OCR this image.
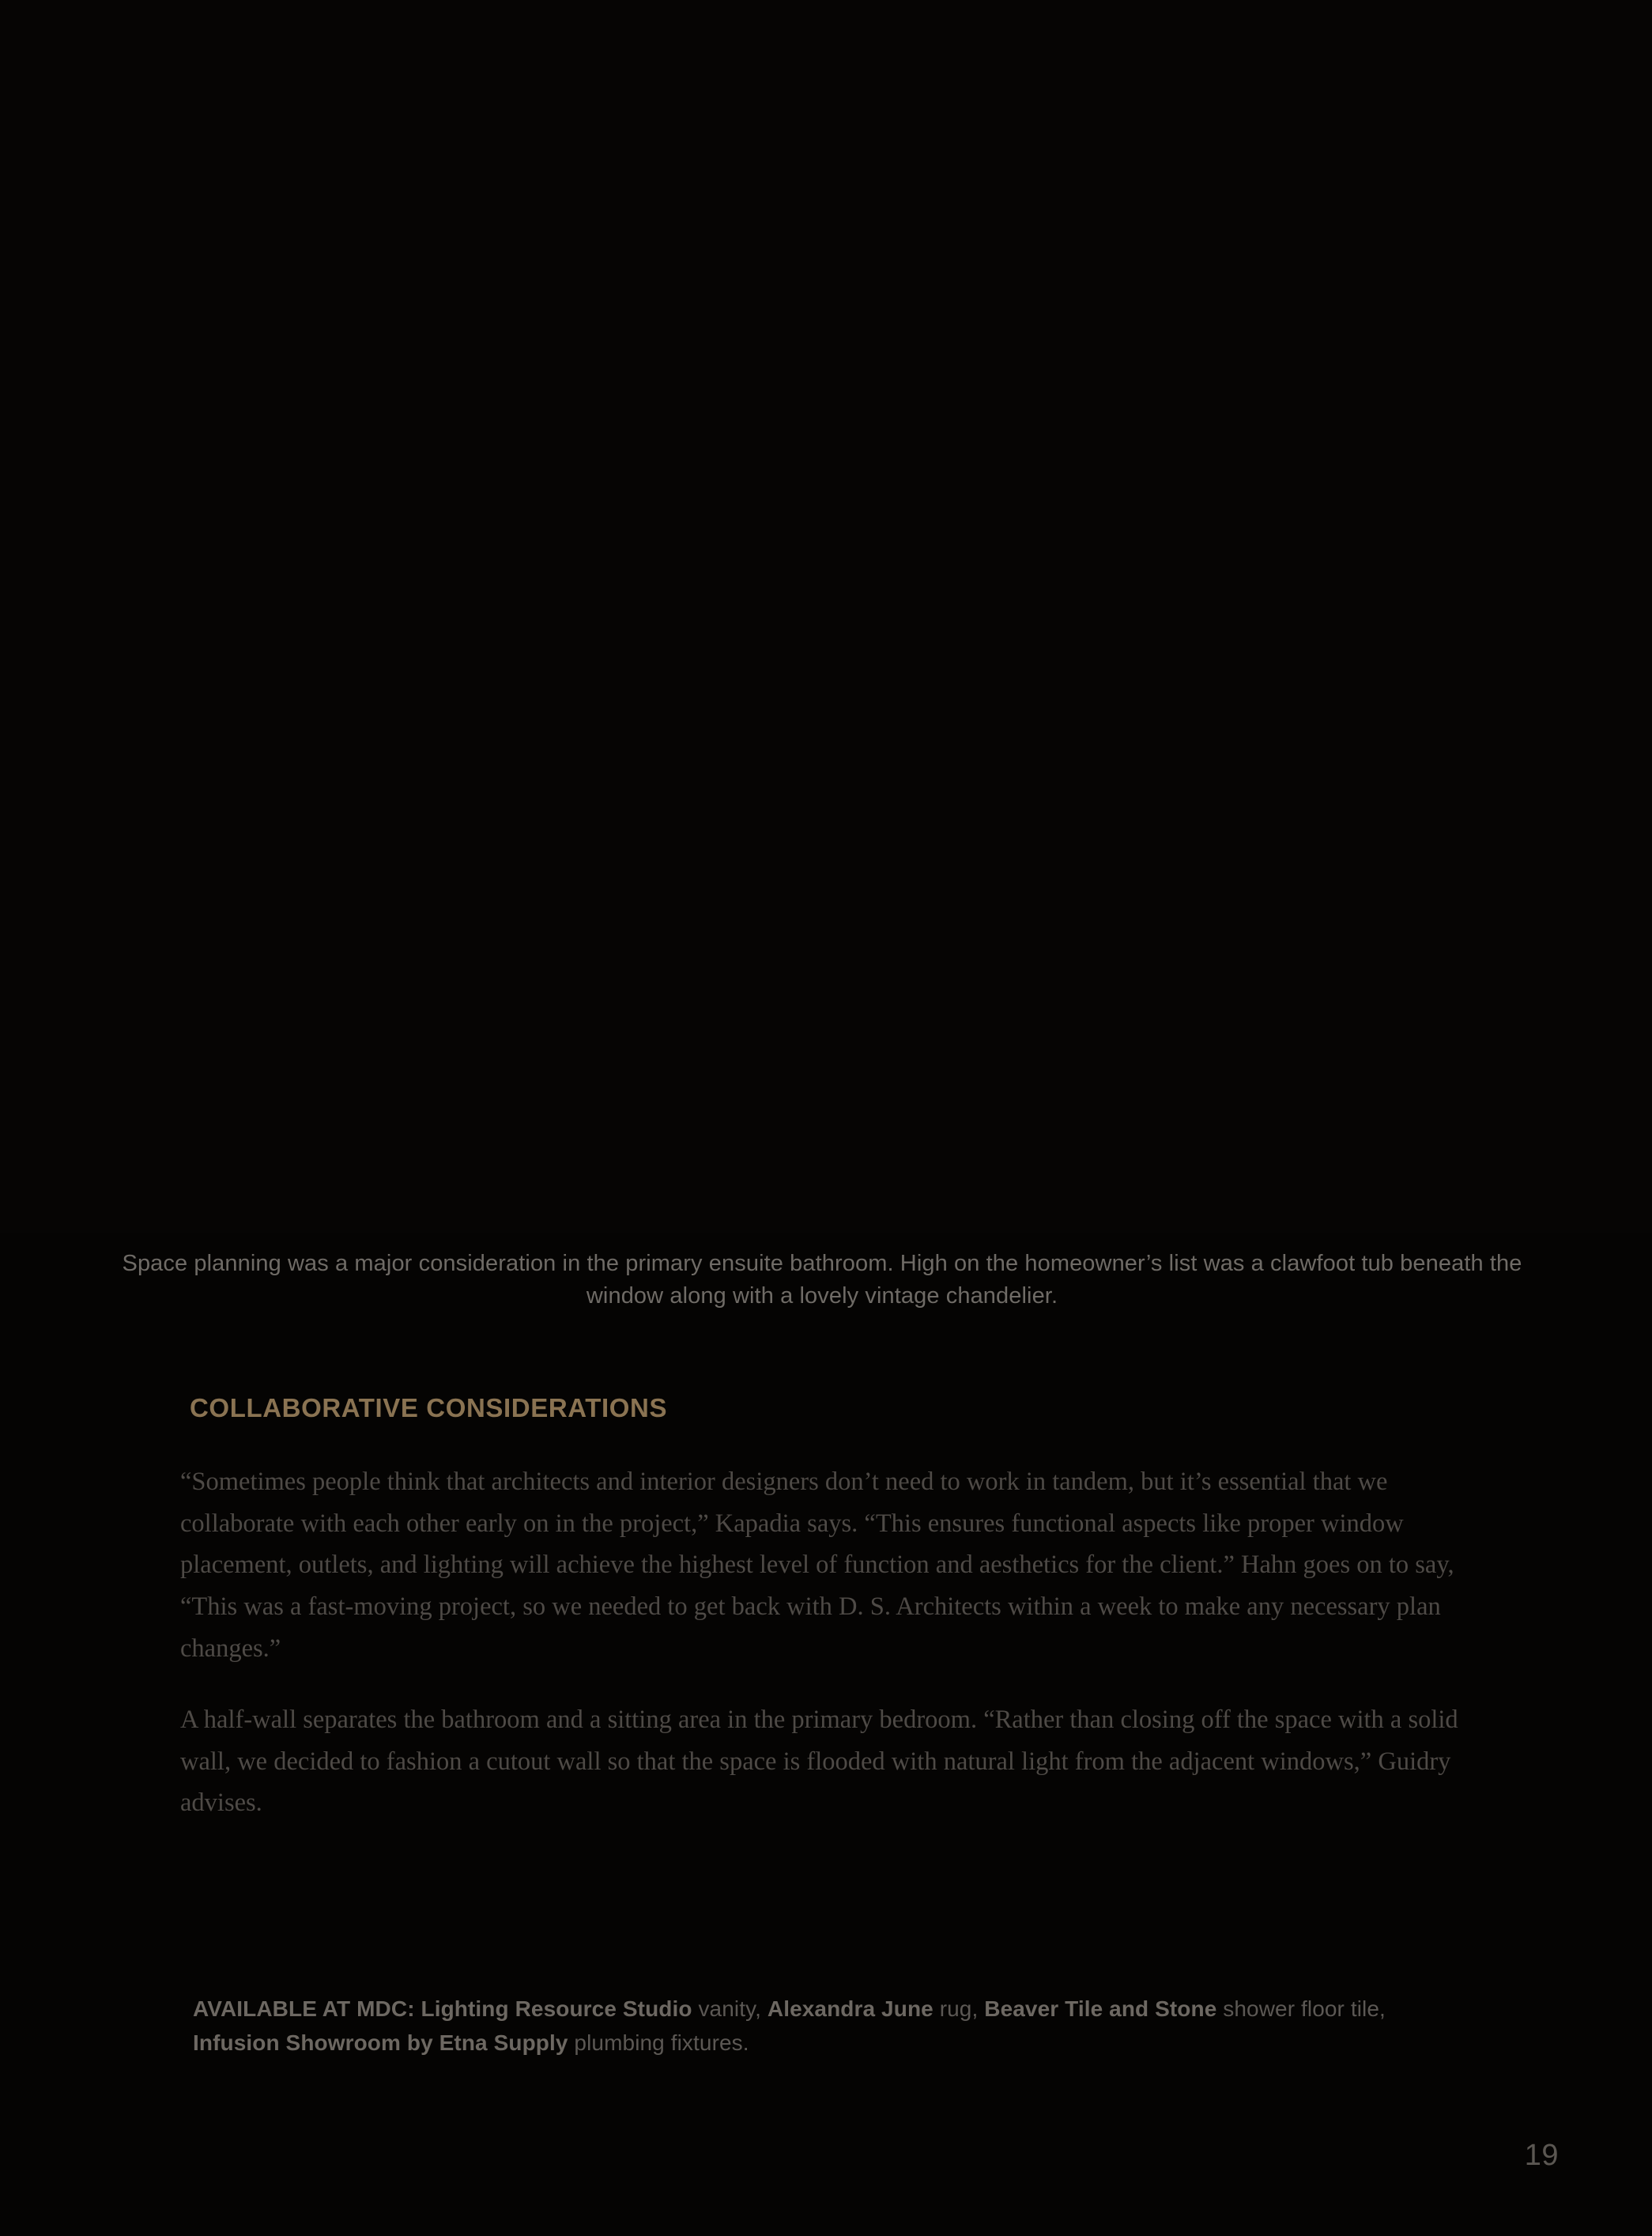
Space planning was a major consideration in the primary ensuite bathroom. High on the homeowner’s list was a clawfoot tub beneath the window along with a lovely vintage chandelier.
COLLABORATIVE CONSIDERATIONS

“Sometimes people think that architects and interior designers don’t need to work in tandem, but it’s essential that we collaborate with each other early on in the project,” Kapadia says. “This ensures functional aspects like proper window placement, outlets, and lighting will achieve the highest level of function and aesthetics for the client.” Hahn goes on to say, “This was a fast-moving project, so we needed to get back with D. S. Architects within a week to make any necessary plan changes.”

A half-wall separates the bathroom and a sitting area in the primary bedroom. “Rather than closing off the space with a solid wall, we decided to fashion a cutout wall so that the space is flooded with natural light from the adjacent windows,” Guidry advises.

AVAILABLE AT MDC: Lighting Resource Studio vanity, Alexandra June rug, Beaver Tile and Stone shower floor tile, Infusion Showroom by Etna Supply plumbing fixtures.
19
